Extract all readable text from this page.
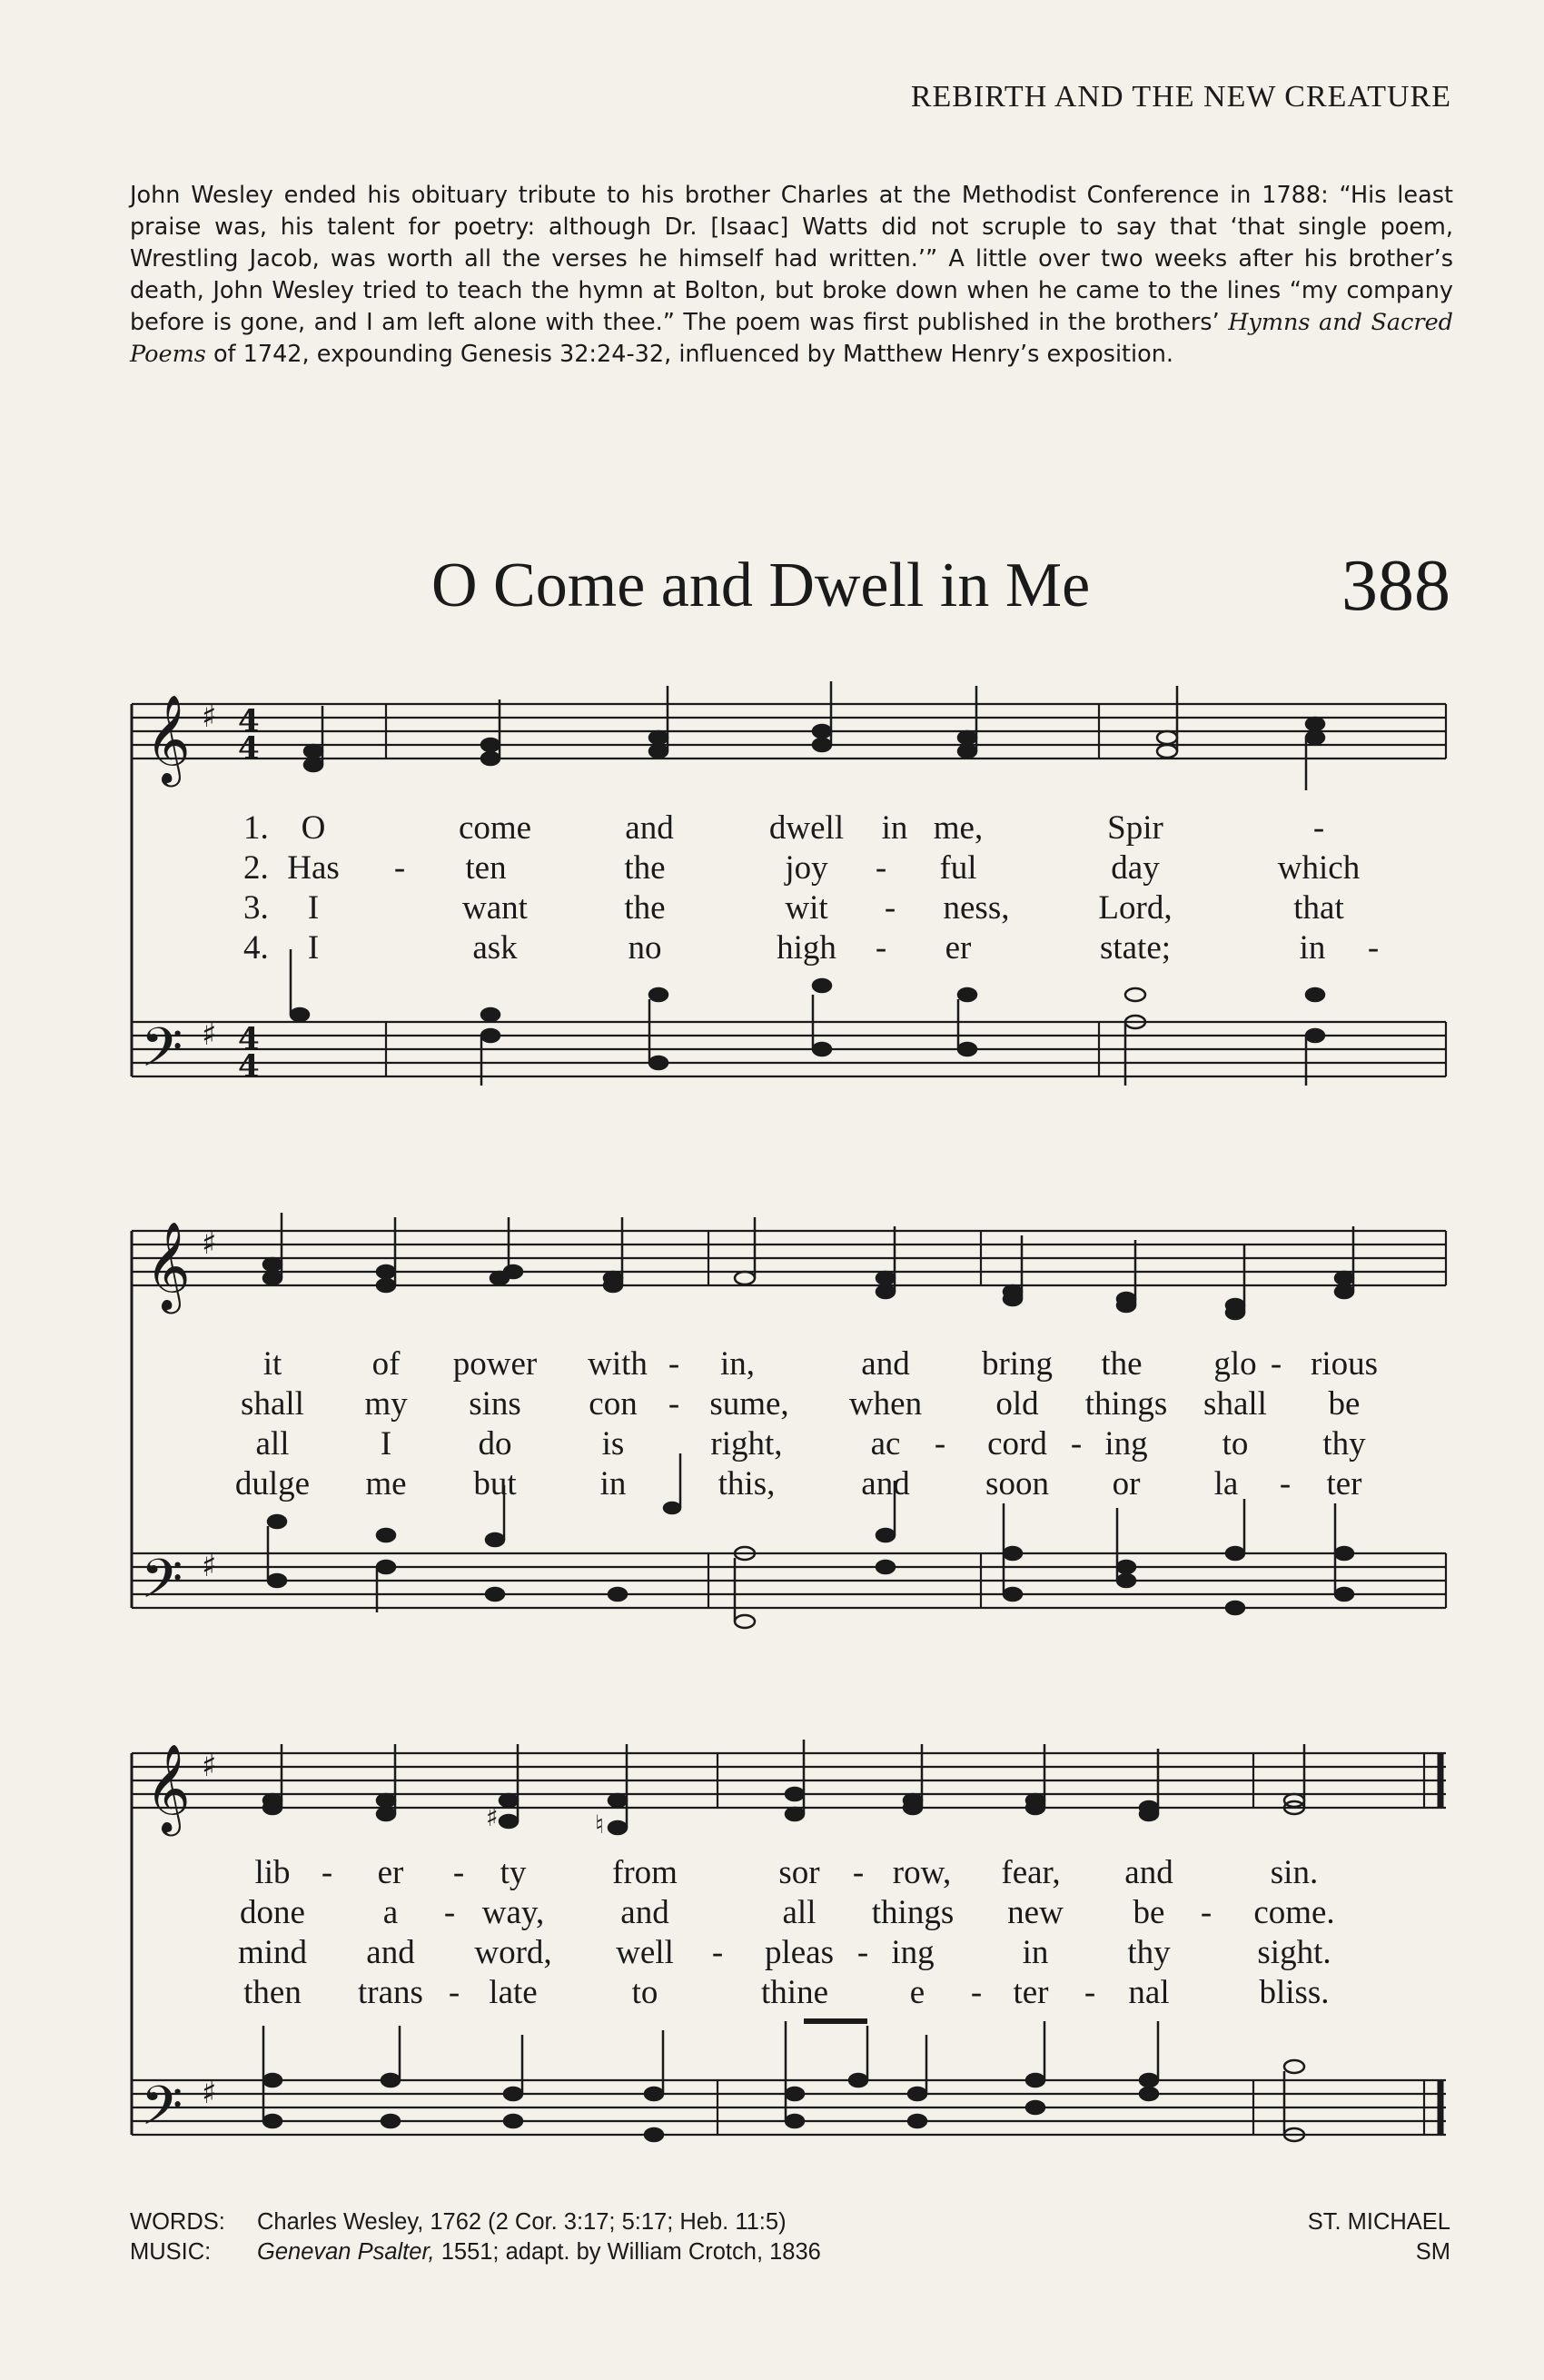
REBIRTH AND THE NEW CREATURE
John Wesley ended his obituary tribute to his brother Charles at the Methodist Conference in 1788: “His least praise was, his talent for poetry: although Dr. [Isaac] Watts did not scruple to say that ‘that single poem, Wrestling Jacob, was worth all the verses he himself had written.’” A little over two weeks after his brother’s death, John Wesley tried to teach the hymn at Bolton, but broke down when he came to the lines “my company before is gone, and I am left alone with thee.” The poem was first published in the brothers’ Hymns and Sacred Poems of 1742, expounding Genesis 32:24-32, influenced by Matthew Henry’s exposition.
O Come and Dwell in Me	388
𝄞 ♯ 4
4
𝄢 ♯ 4
4
𝄞 ♯
𝄢 ♯
𝄞 ♯
𝄢 ♯
♯	♮
1. O	come	and	dwell in me,	Spir	-
2. Has - ten	the	joy - ful	day	which
3. I	want	the	wit - ness,	Lord,	that
4. I	ask	no	high - er	state;	in -
it	of power with - in,	and bring the glo - rious
shall my sins con - sume, when old things shall be
all	I	do	is	right,	ac - cord - ing to thy
dulge me but in	this,	and soon or la - ter
lib - er - ty	from	sor - row, fear, and	sin.
done a - way, and	all things new be - come.
mind and word, well - pleas - ing	in thy	sight.
then trans - late	to	thine e - ter - nal	bliss.
WORDS: Charles Wesley, 1762 (2 Cor. 3:17; 5:17; Heb. 11:5)
MUSIC: Genevan Psalter, 1551; adapt. by William Crotch, 1836
ST. MICHAEL
SM
